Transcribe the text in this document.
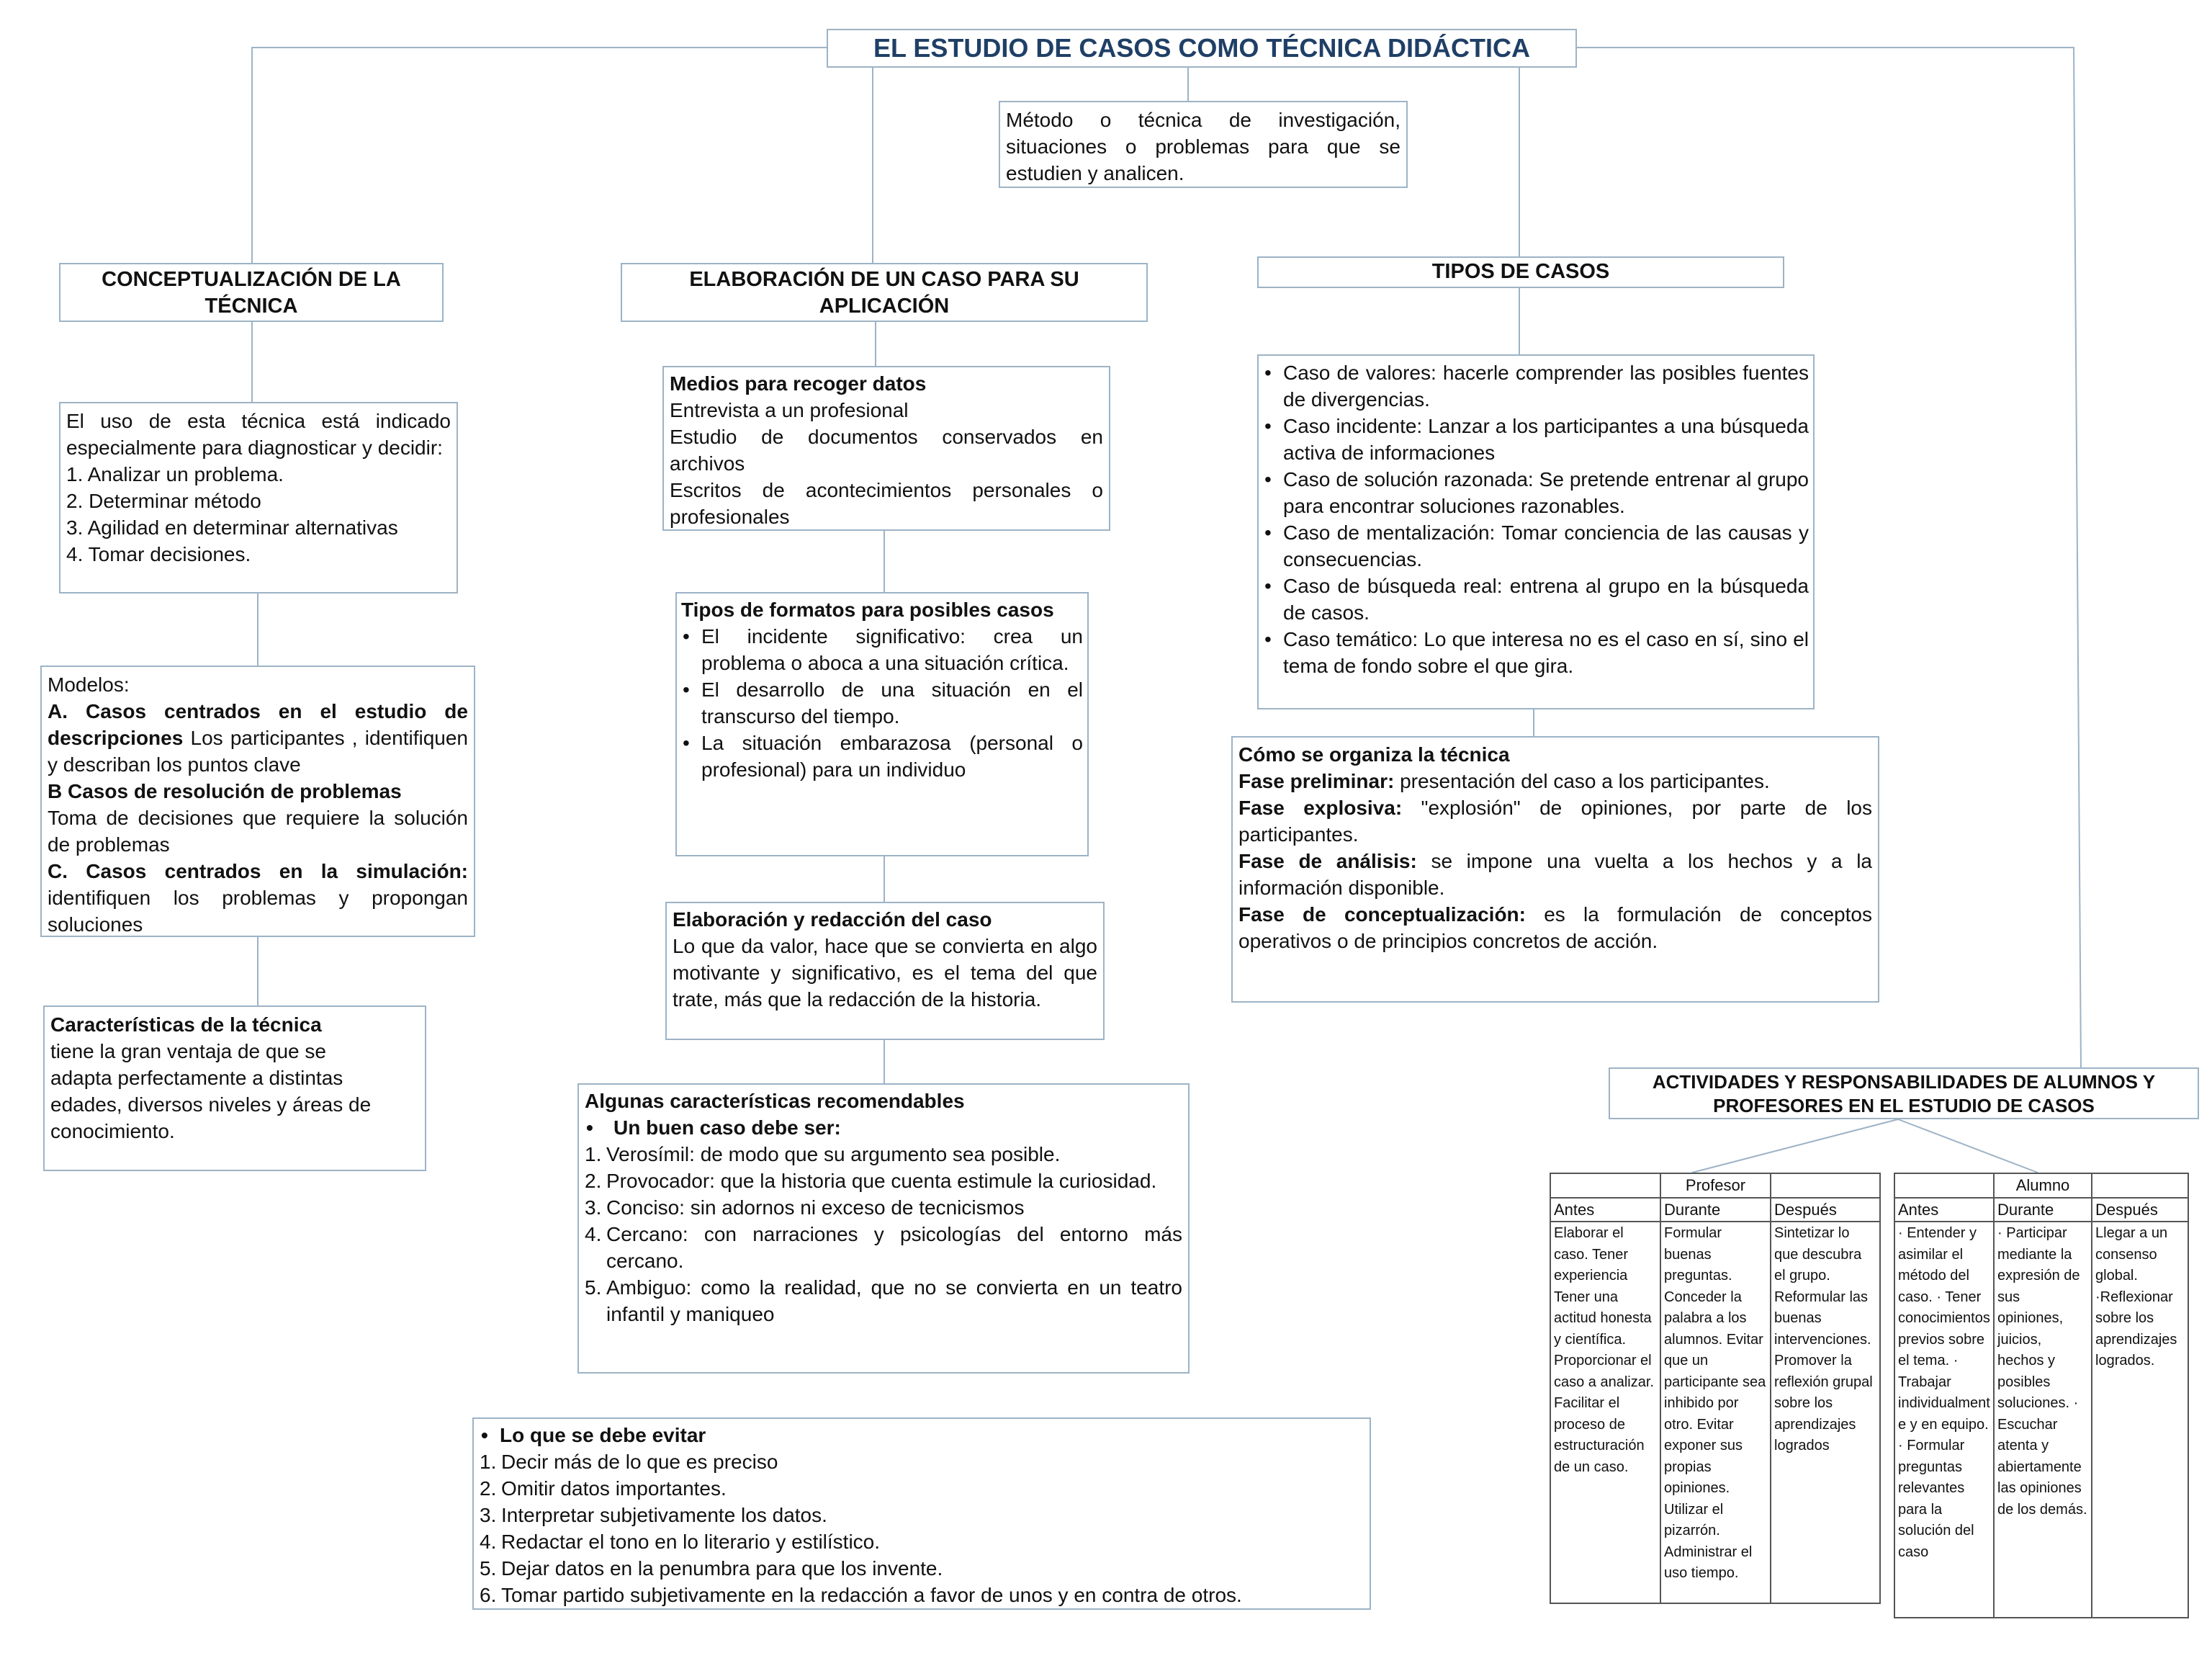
EL ESTUDIO DE CASOS COMO TÉCNICA DIDÁCTICA
Método o técnica de investigación, situaciones o problemas para que se estudien y analicen.
CONCEPTUALIZACIÓN DE LA TÉCNICA
El uso de esta técnica está indicado especialmente para diagnosticar y decidir:
1. Analizar un problema.
2. Determinar método
3. Agilidad en determinar alternativas
4. Tomar decisiones.
Modelos:
A. Casos centrados en el estudio de descripciones Los participantes , identifiquen y describan los puntos clave
B Casos de resolución de problemas
Toma de decisiones que requiere la solución de problemas
C. Casos centrados en la simulación: identifiquen los problemas y propongan soluciones
Características de la técnica
tiene la gran ventaja de que se adapta perfectamente a distintas edades, diversos niveles y áreas de conocimiento.
ELABORACIÓN DE UN CASO PARA SU APLICACIÓN
Medios para recoger datos
Entrevista a un profesional
Estudio de documentos conservados en archivos
Escritos de acontecimientos personales o profesionales
Tipos de formatos para posibles casos
• El incidente significativo: crea un problema o aboca a una situación crítica.
• El desarrollo de una situación en el transcurso del tiempo.
• La situación embarazosa (personal o profesional) para un individuo
Elaboración y redacción del caso
Lo que da valor, hace que se convierta en algo motivante y significativo, es el tema del que trate, más que la redacción de la historia.
Algunas características recomendables
• Un buen caso debe ser:
1. Verosímil: de modo que su argumento sea posible.
2. Provocador: que la historia que cuenta estimule la curiosidad.
3. Conciso: sin adornos ni exceso de tecnicismos
4. Cercano: con narraciones y psicologías del entorno más cercano.
5. Ambiguo: como la realidad, que no se convierta en un teatro infantil y maniqueo
• Lo que se debe evitar
1. Decir más de lo que es preciso
2. Omitir datos importantes.
3. Interpretar subjetivamente los datos.
4. Redactar el tono en lo literario y estilístico.
5. Dejar datos en la penumbra para que los invente.
6. Tomar partido subjetivamente en la redacción a favor de unos y en contra de otros.
TIPOS DE CASOS
• Caso de valores: hacerle comprender las posibles fuentes de divergencias.
• Caso incidente: Lanzar a los participantes a una búsqueda activa de informaciones
• Caso de solución razonada: Se pretende entrenar al grupo para encontrar soluciones razonables.
• Caso de mentalización: Tomar conciencia de las causas y consecuencias.
• Caso de búsqueda real: entrena al grupo en la búsqueda de casos.
• Caso temático: Lo que interesa no es el caso en sí, sino el tema de fondo sobre el que gira.
Cómo se organiza la técnica
Fase preliminar: presentación del caso a los participantes.
Fase explosiva: "explosión" de opiniones, por parte de los participantes.
Fase de análisis: se impone una vuelta a los hechos y a la información disponible.
Fase de conceptualización: es la formulación de conceptos operativos o de principios concretos de acción.
ACTIVIDADES Y RESPONSABILIDADES DE ALUMNOS Y PROFESORES EN EL ESTUDIO DE CASOS
	Profesor	
Antes	Durante	Después
Elaborar el caso. Tener experiencia Tener una actitud honesta y científica. Proporcionar el caso a analizar. Facilitar el proceso de estructuración de un caso.	Formular buenas preguntas. Conceder la palabra a los alumnos. Evitar que un participante sea inhibido por otro. Evitar exponer sus propias opiniones. Utilizar el pizarrón. Administrar el uso tiempo.	Sintetizar lo que descubra el grupo. Reformular las buenas intervenciones. Promover la reflexión grupal sobre los aprendizajes logrados
	Alumno	
Antes	Durante	Después
· Entender y asimilar el método del caso. · Tener conocimientos previos sobre el tema. · Trabajar individualmente y en equipo. · Formular preguntas relevantes para la solución del caso	· Participar mediante la expresión de sus opiniones, juicios, hechos y posibles soluciones. · Escuchar atenta y abiertamente las opiniones de los demás.	Llegar a un consenso global. ·Reflexionar sobre los aprendizajes logrados.
